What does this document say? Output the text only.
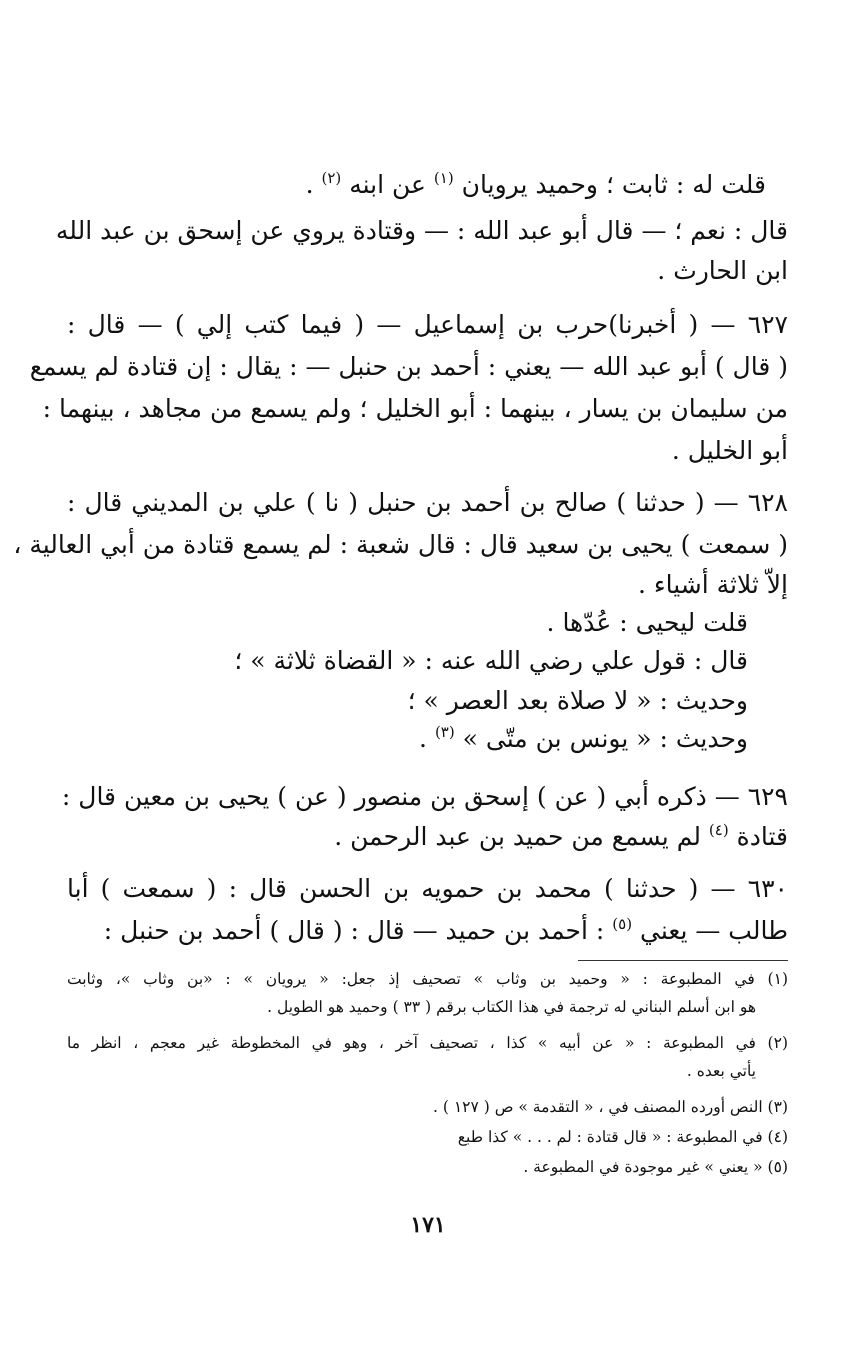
قلت له : ثابت ؛ وحميد يرويان $^{(١)}$ عن ابنه $^{(٢)}$ .
قال : نعم ؛ — قال أبو عبد الله : — وقتادة يروي عن إسحق بن عبد الله
ابن الحارث .
٦٢٧ — ( أخبرنا)حرب بن إسماعيل — ( فيما كتب إلي ) — قال :
( قال ) أبو عبد الله — يعني : أحمد بن حنبل — : يقال : إن قتادة لم يسمع
من سليمان بن يسار ، بينهما : أبو الخليل ؛ ولم يسمع من مجاهد ، بينهما :
أبو الخليل .
٦٢٨ — ( حدثنا ) صالح بن أحمد بن حنبل ( نا ) علي بن المديني قال :
( سمعت ) يحيى بن سعيد قال : قال شعبة : لم يسمع قتادة من أبي العالية ،
إلاّ ثلاثة أشياء .
قلت ليحيى : عُدّها .
قال : قول علي رضي الله عنه : « القضاة ثلاثة » ؛
وحديث : « لا صلاة بعد العصر » ؛
وحديث : « يونس بن متّى » $^{(٣)}$ .
٦٢٩ — ذكره أبي ( عن ) إسحق بن منصور ( عن ) يحيى بن معين قال :
قتادة $^{(٤)}$ لم يسمع من حميد بن عبد الرحمن .
٦٣٠ — ( حدثنا ) محمد بن حمويه بن الحسن قال : ( سمعت ) أبا
طالب — يعني $^{(٥)}$ : أحمد بن حميد — قال : ( قال ) أحمد بن حنبل :
(١) في المطبوعة : « وحميد بن وثاب » تصحيف إذ جعل: « يرويان » : «بن وثاب »، وثابت
هو ابن أسلم البناني له ترجمة في هذا الكتاب برقم ( ٣٣ ) وحميد هو الطويل .
(٢) في المطبوعة : « عن أبيه » كذا ، تصحيف آخر ، وهو في المخطوطة غير معجم ، انظر ما
يأتي بعده .
(٣) النص أورده المصنف في ، « التقدمة » ص ( ١٢٧ ) .
(٤) في المطبوعة : « قال قتادة : لم . . . » كذا طبع
(٥) « يعني » غير موجودة في المطبوعة .
١٧١
